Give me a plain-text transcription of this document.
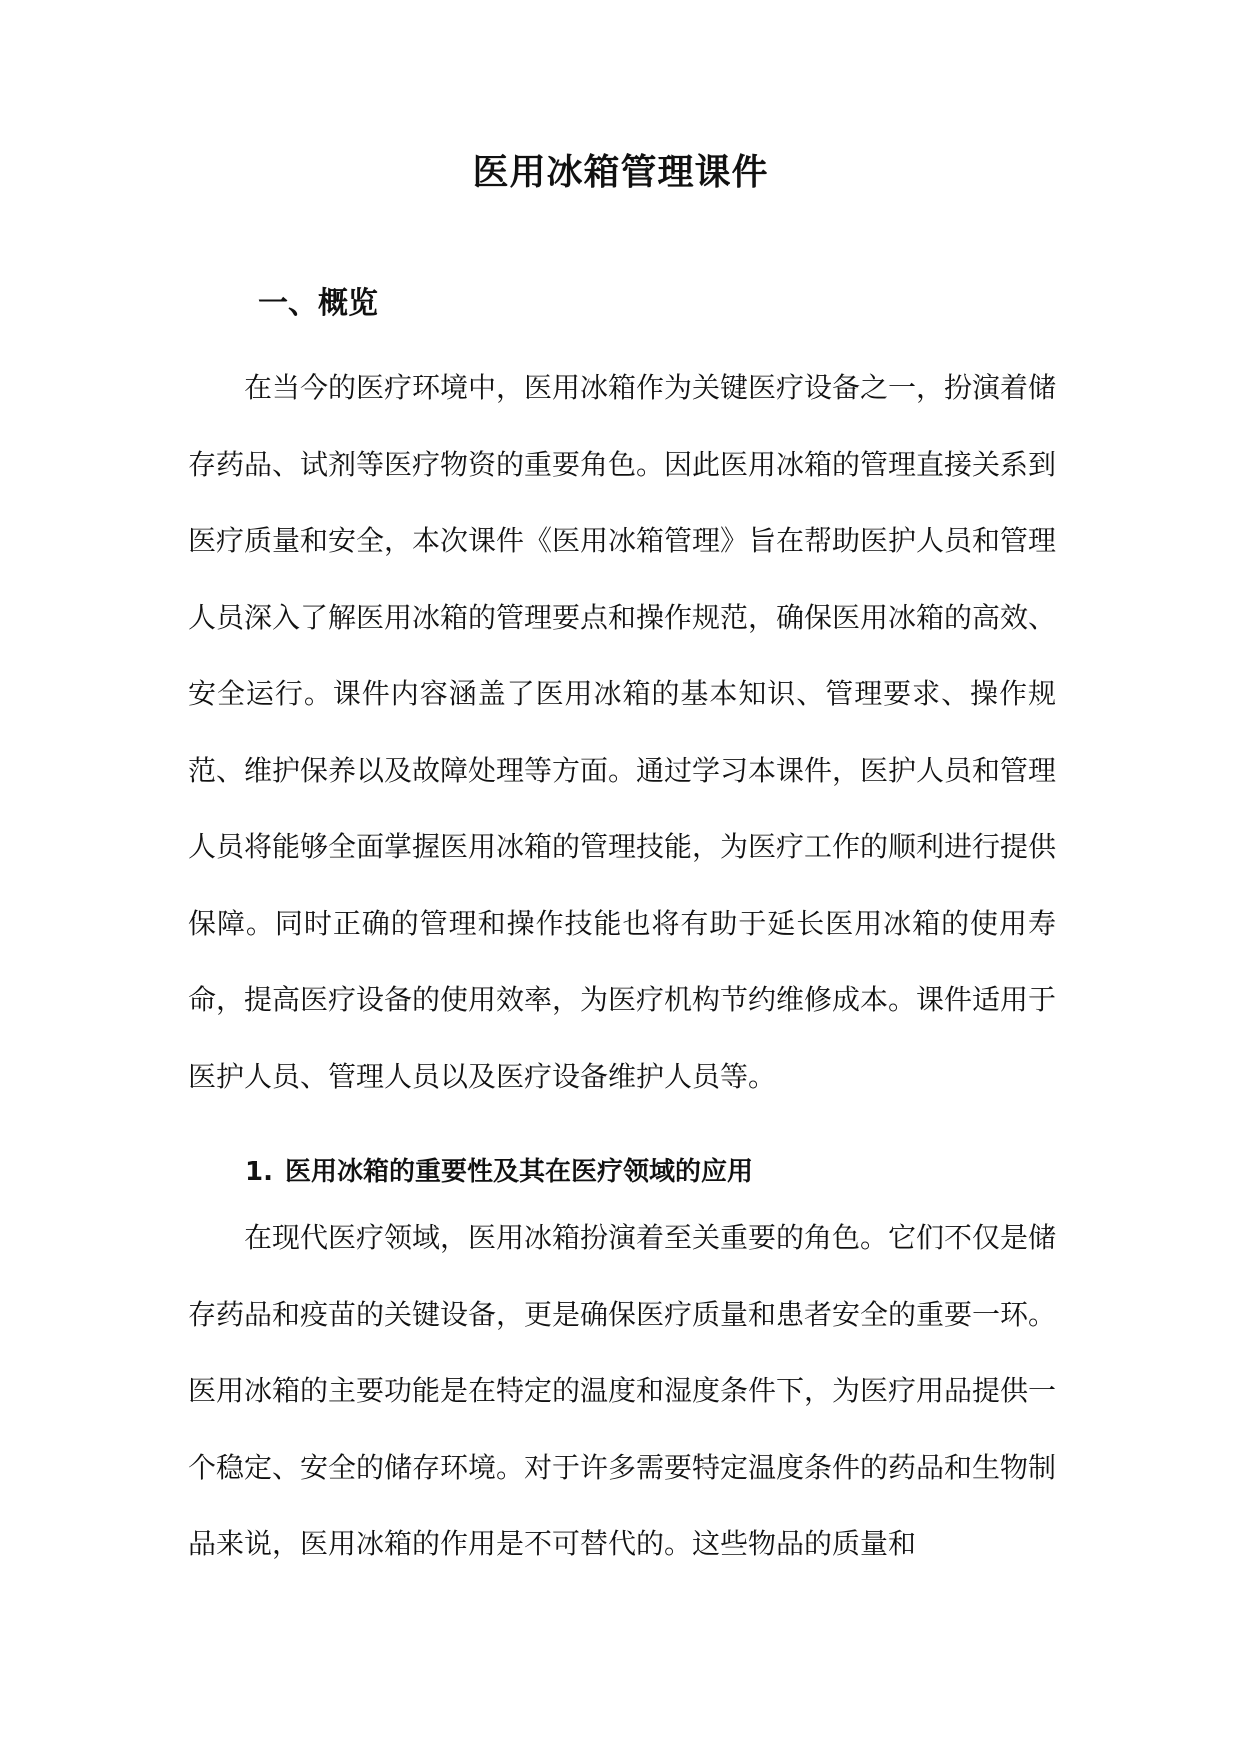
医用冰箱管理课件
一、概览

在当今的医疗环境中，医用冰箱作为关键医疗设备之一，扮演着储存药品、试剂等医疗物资的重要角色。因此医用冰箱的管理直接关系到医疗质量和安全，本次课件《医用冰箱管理》旨在帮助医护人员和管理人员深入了解医用冰箱的管理要点和操作规范，确保医用冰箱的高效、安全运行。课件内容涵盖了医用冰箱的基本知识、管理要求、操作规范、维护保养以及故障处理等方面。通过学习本课件，医护人员和管理人员将能够全面掌握医用冰箱的管理技能，为医疗工作的顺利进行提供保障。同时正确的管理和操作技能也将有助于延长医用冰箱的使用寿命，提高医疗设备的使用效率，为医疗机构节约维修成本。课件适用于医护人员、管理人员以及医疗设备维护人员等。

1. 医用冰箱的重要性及其在医疗领域的应用

在现代医疗领域，医用冰箱扮演着至关重要的角色。它们不仅是储存药品和疫苗的关键设备，更是确保医疗质量和患者安全的重要一环。医用冰箱的主要功能是在特定的温度和湿度条件下，为医疗用品提供一个稳定、安全的储存环境。对于许多需要特定温度条件的药品和生物制品来说，医用冰箱的作用是不可替代的。这些物品的质量和
